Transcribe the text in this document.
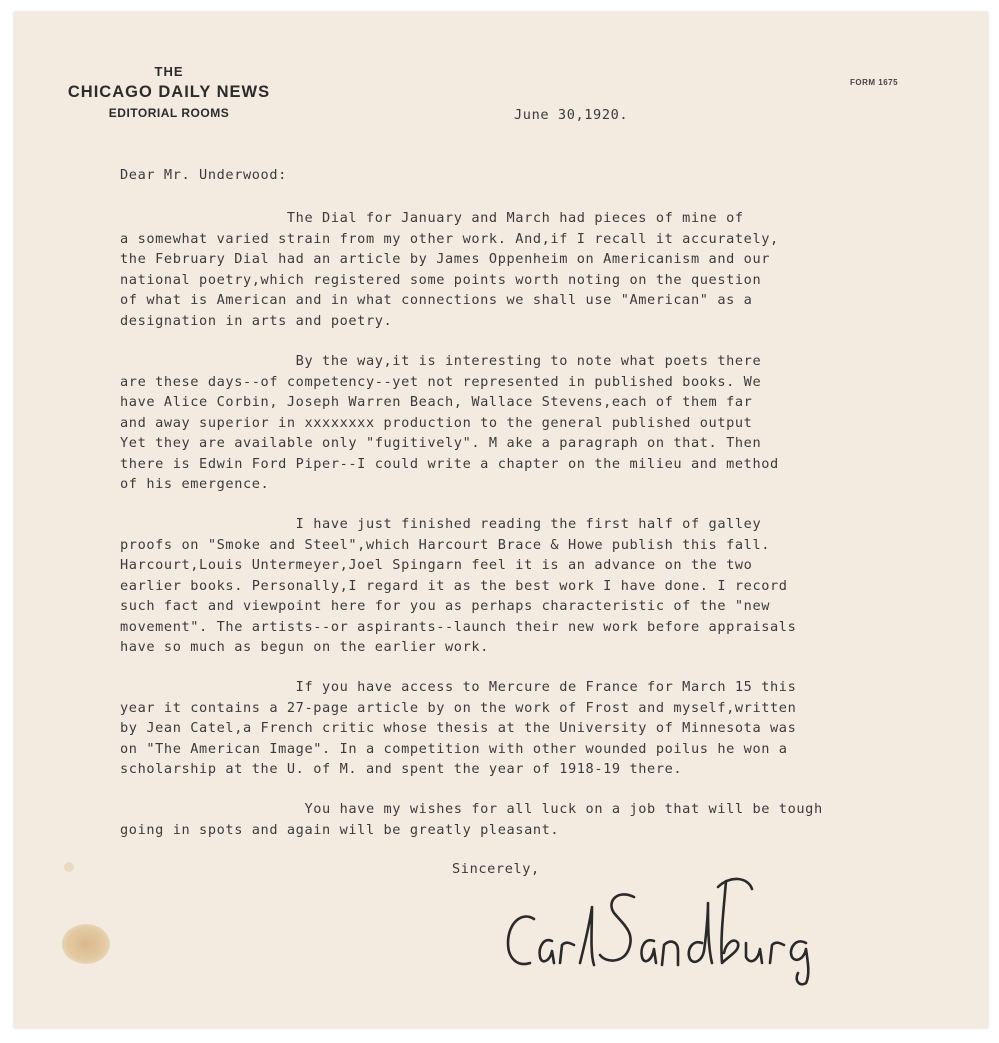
THE
CHICAGO DAILY NEWS
EDITORIAL ROOMS
FORM 1675
June 30,1920.
Dear Mr. Underwood:
The Dial for January and March had pieces of mine of
a somewhat varied strain from my other work. And,if I recall it accurately,
the February Dial had an article by James Oppenheim on Americanism and our
national poetry,which registered some points worth noting on the question
of what is American and in what connections we shall use "American" as a
designation in arts and poetry.
By the way,it is interesting to note what poets there
are these days--of competency--yet not represented in published books. We
have Alice Corbin, Joseph Warren Beach, Wallace Stevens,each of them far
and away superior in xxxxxxxx production to the general published output
Yet they are available only "fugitively". M ake a paragraph on that. Then
there is Edwin Ford Piper--I could write a chapter on the milieu and method
of his emergence.
I have just finished reading the first half of galley
proofs on "Smoke and Steel",which Harcourt Brace & Howe publish this fall.
Harcourt,Louis Untermeyer,Joel Spingarn feel it is an advance on the two
earlier books. Personally,I regard it as the best work I have done. I record
such fact and viewpoint here for you as perhaps characteristic of the "new
movement". The artists--or aspirants--launch their new work before appraisals
have so much as begun on the earlier work.
If you have access to Mercure de France for March 15 this
year it contains a 27-page article by on the work of Frost and myself,written
by Jean Catel,a French critic whose thesis at the University of Minnesota was
on "The American Image". In a competition with other wounded poilus he won a
scholarship at the U. of M. and spent the year of 1918-19 there.
You have my wishes for all luck on a job that will be tough
going in spots and again will be greatly pleasant.
Sincerely,
